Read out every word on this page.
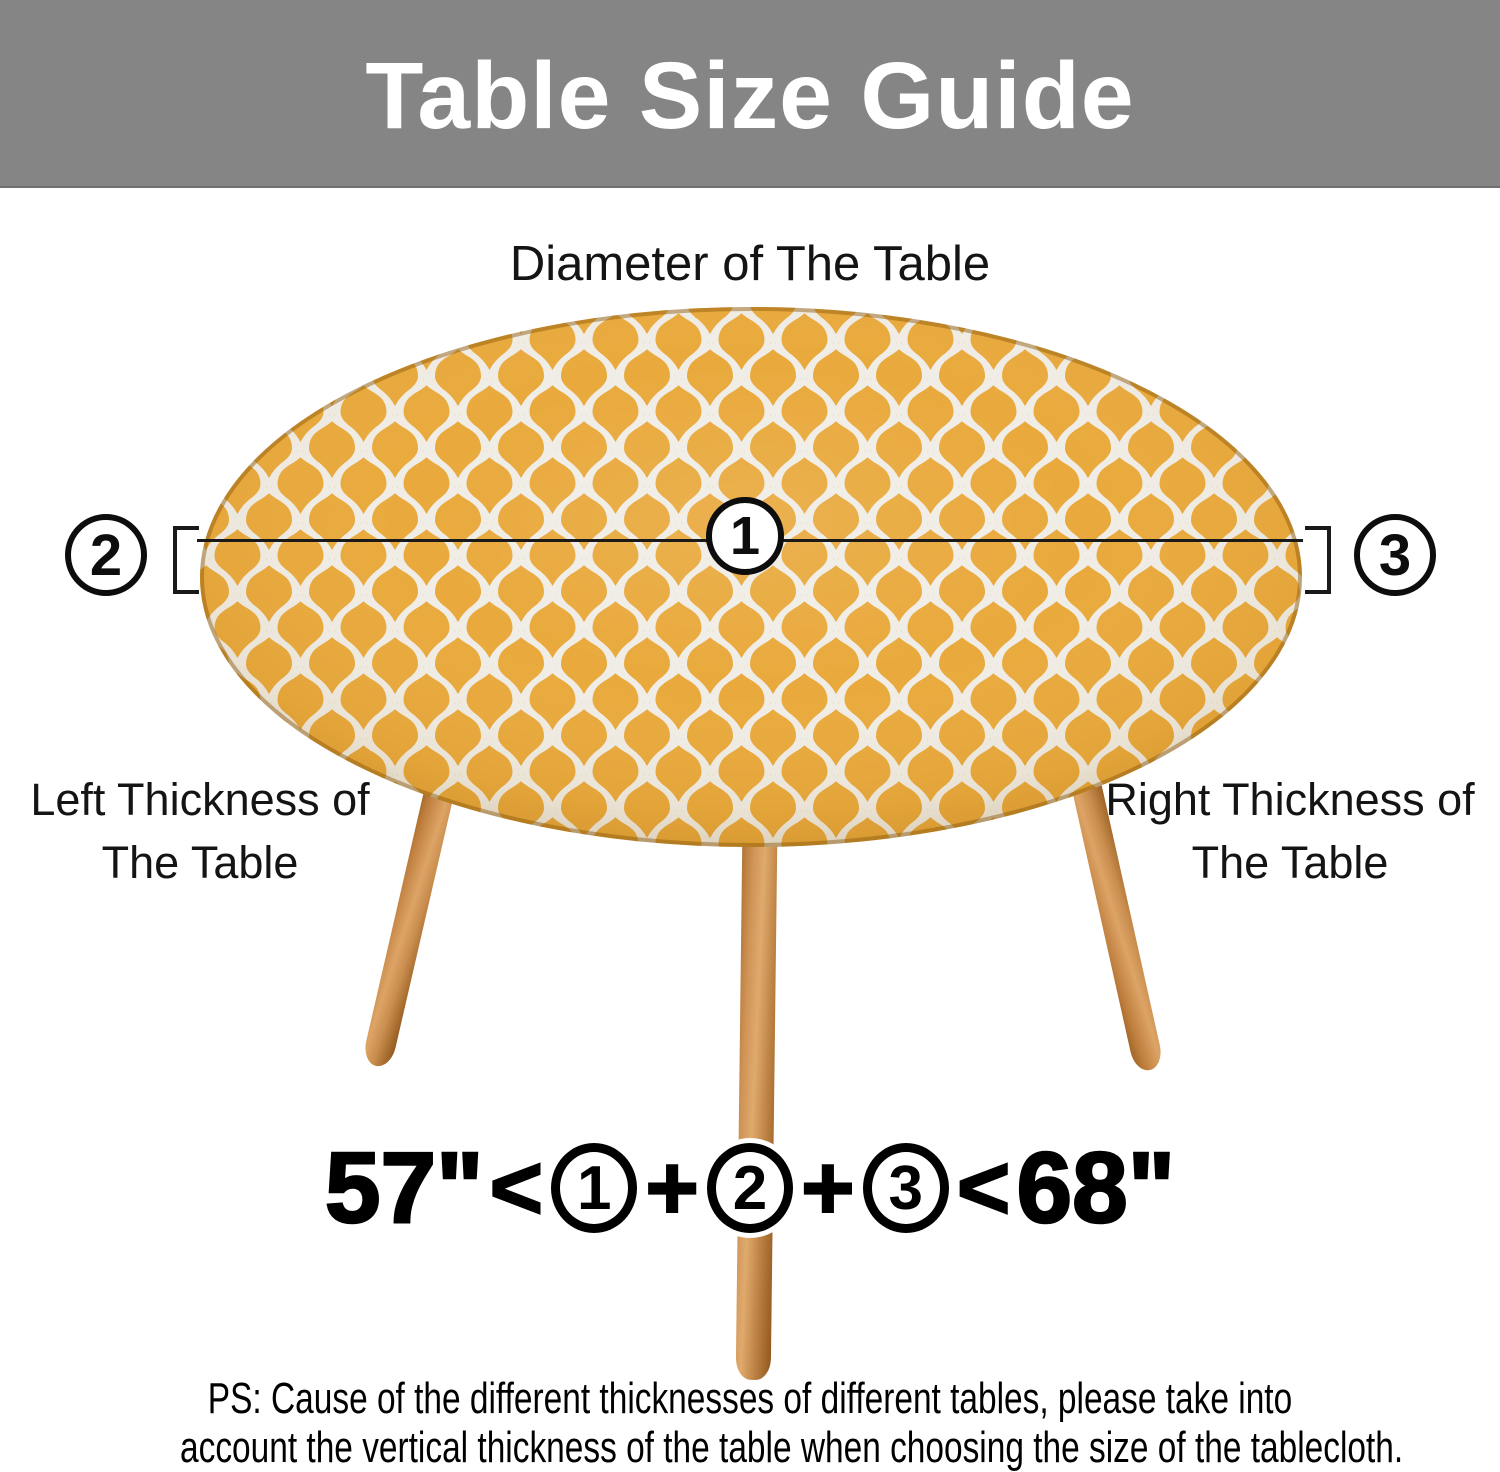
Table Size Guide
Diameter of The Table
1
2	3
Left Thickness of
The Table
Right Thickness of
The Table
57" < 1 + 2 + 3 < 68"
PS: Cause of the different thicknesses of different tables, please take into
account the vertical thickness of the table when choosing the size of the tablecloth.
